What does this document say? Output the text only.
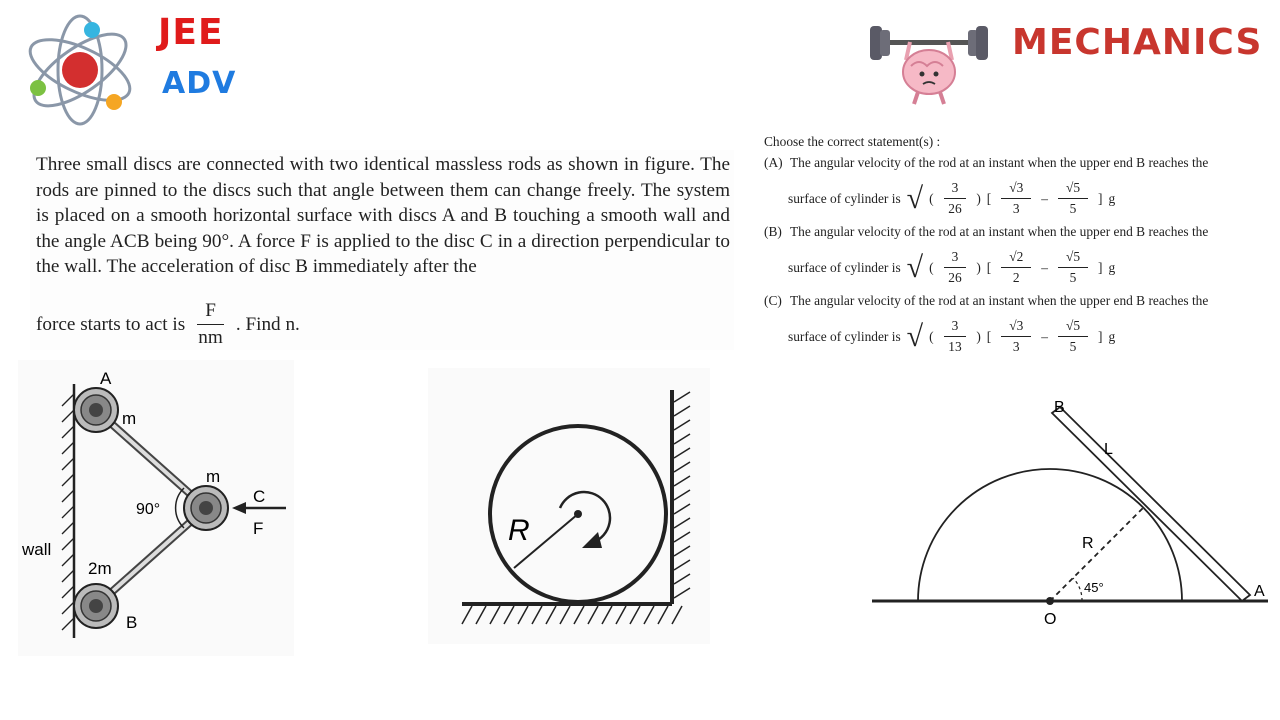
JEE
ADV
MECHANICS
Three small discs are connected with two identical massless rods as shown in figure. The rods are pinned to the discs such that angle between them can change freely. The system is placed on a smooth horizontal surface with discs A and B touching a smooth wall and the angle ACB being 90°. A force F is applied to the disc C in a direction perpendicular to the wall. The acceleration of disc B immediately after the
force starts to act is $\frac{F}{nm}$ . Find n.
A
m
m
C
F
90°
wall
2m
B
R
Choose the correct statement(s) :
(A) The angular velocity of the rod at an instant when the upper end B reaches the
surface of cylinder is √ ( $\frac{3}{26}$ ) [ $\frac{√3}{3} - \frac{√5}{5}$ ] g
(B) The angular velocity of the rod at an instant when the upper end B reaches the
surface of cylinder is √ ( $\frac{3}{26}$ ) [ $\frac{√2}{2} - \frac{√5}{5}$ ] g
(C) The angular velocity of the rod at an instant when the upper end B reaches the
surface of cylinder is √ ( $\frac{3}{13}$ ) [ $\frac{√3}{3} - \frac{√5}{5}$ ] g
B
L
R
45°
O
A
